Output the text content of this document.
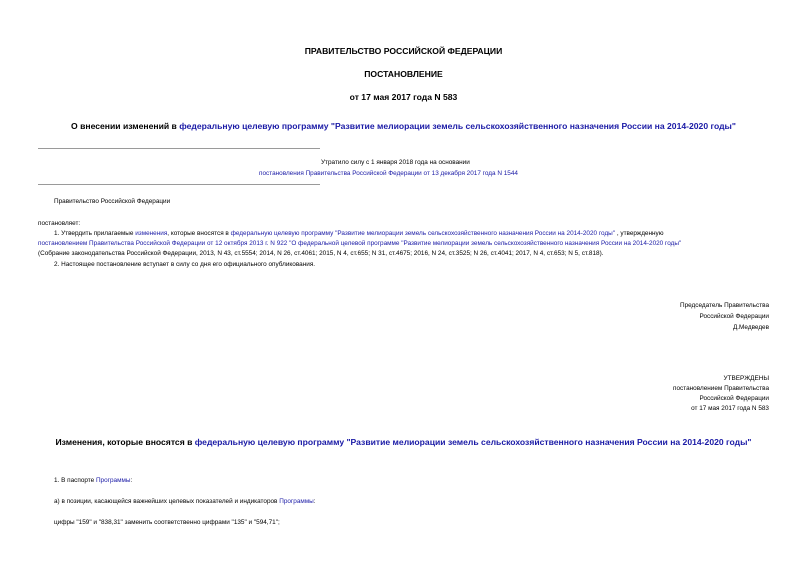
ПРАВИТЕЛЬСТВО РОССИЙСКОЙ ФЕДЕРАЦИИ
ПОСТАНОВЛЕНИЕ
от 17 мая 2017 года N 583
О внесении изменений в федеральную целевую программу "Развитие мелиорации земель сельскохозяйственного назначения России на 2014-2020 годы"
Утратило силу с 1 января 2018 года на основании
постановления Правительства Российской Федерации от 13 декабря 2017 года N 1544
Правительство Российской Федерации
постановляет:
1. Утвердить прилагаемые изменения, которые вносятся в федеральную целевую программу "Развитие мелиорации земель сельскохозяйственного назначения России на 2014-2020 годы" , утвержденную
постановлением Правительства Российской Федерации от 12 октября 2013 г. N 922 "О федеральной целевой программе "Развитие мелиорации земель сельскохозяйственного назначения России на 2014-2020 годы"
(Собрание законодательства Российской Федерации, 2013, N 43, ст.5554; 2014, N 26, ст.4061; 2015, N 4, ст.655; N 31, ст.4675; 2016, N 24, ст.3525; N 26, ст.4041; 2017, N 4, ст.653; N 5, ст.818).
2. Настоящее постановление вступает в силу со дня его официального опубликования.
Председатель Правительства
Российской Федерации
Д.Медведев
УТВЕРЖДЕНЫ
постановлением Правительства
Российской Федерации
от 17 мая 2017 года N 583
Изменения, которые вносятся в федеральную целевую программу "Развитие мелиорации земель сельскохозяйственного назначения России на 2014-2020 годы"
1. В паспорте Программы:
а) в позиции, касающейся важнейших целевых показателей и индикаторов Программы:
цифры "159" и "838,31" заменить соответственно цифрами "135" и "594,71";
